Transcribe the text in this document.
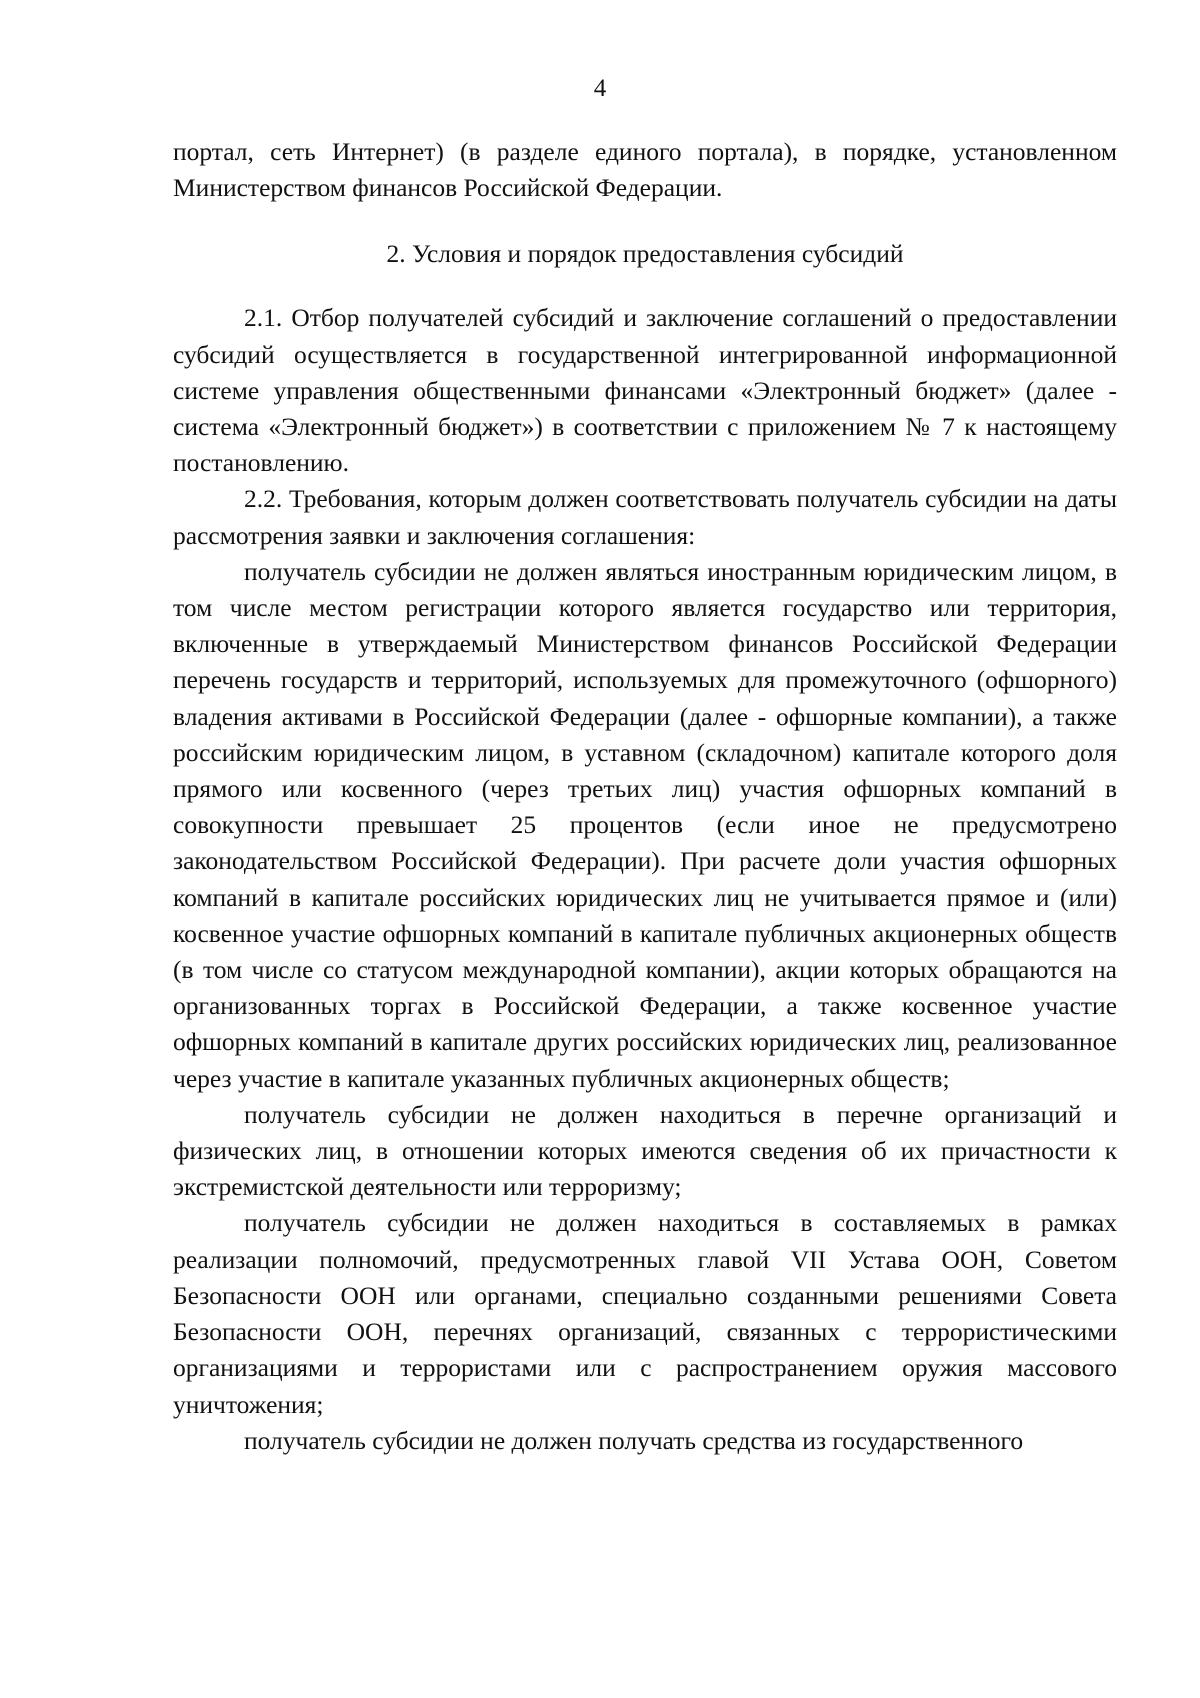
4

портал, сеть Интернет) (в разделе единого портала), в порядке, установленном Министерством финансов Российской Федерации.

2. Условия и порядок предоставления субсидий

2.1. Отбор получателей субсидий и заключение соглашений о предоставлении субсидий осуществляется в государственной интегрированной информационной системе управления общественными финансами «Электронный бюджет» (далее - система «Электронный бюджет») в соответствии с приложением № 7 к настоящему постановлению.

2.2. Требования, которым должен соответствовать получатель субсидии на даты рассмотрения заявки и заключения соглашения:

получатель субсидии не должен являться иностранным юридическим лицом, в том числе местом регистрации которого является государство или территория, включенные в утверждаемый Министерством финансов Российской Федерации перечень государств и территорий, используемых для промежуточного (офшорного) владения активами в Российской Федерации (далее - офшорные компании), а также российским юридическим лицом, в уставном (складочном) капитале которого доля прямого или косвенного (через третьих лиц) участия офшорных компаний в совокупности превышает 25 процентов (если иное не предусмотрено законодательством Российской Федерации). При расчете доли участия офшорных компаний в капитале российских юридических лиц не учитывается прямое и (или) косвенное участие офшорных компаний в капитале публичных акционерных обществ (в том числе со статусом международной компании), акции которых обращаются на организованных торгах в Российской Федерации, а также косвенное участие офшорных компаний в капитале других российских юридических лиц, реализованное через участие в капитале указанных публичных акционерных обществ;

получатель субсидии не должен находиться в перечне организаций и физических лиц, в отношении которых имеются сведения об их причастности к экстремистской деятельности или терроризму;

получатель субсидии не должен находиться в составляемых в рамках реализации полномочий, предусмотренных главой VII Устава ООН, Советом Безопасности ООН или органами, специально созданными решениями Совета Безопасности ООН, перечнях организаций, связанных с террористическими организациями и террористами или с распространением оружия массового уничтожения;

получатель субсидии не должен получать средства из государственного
